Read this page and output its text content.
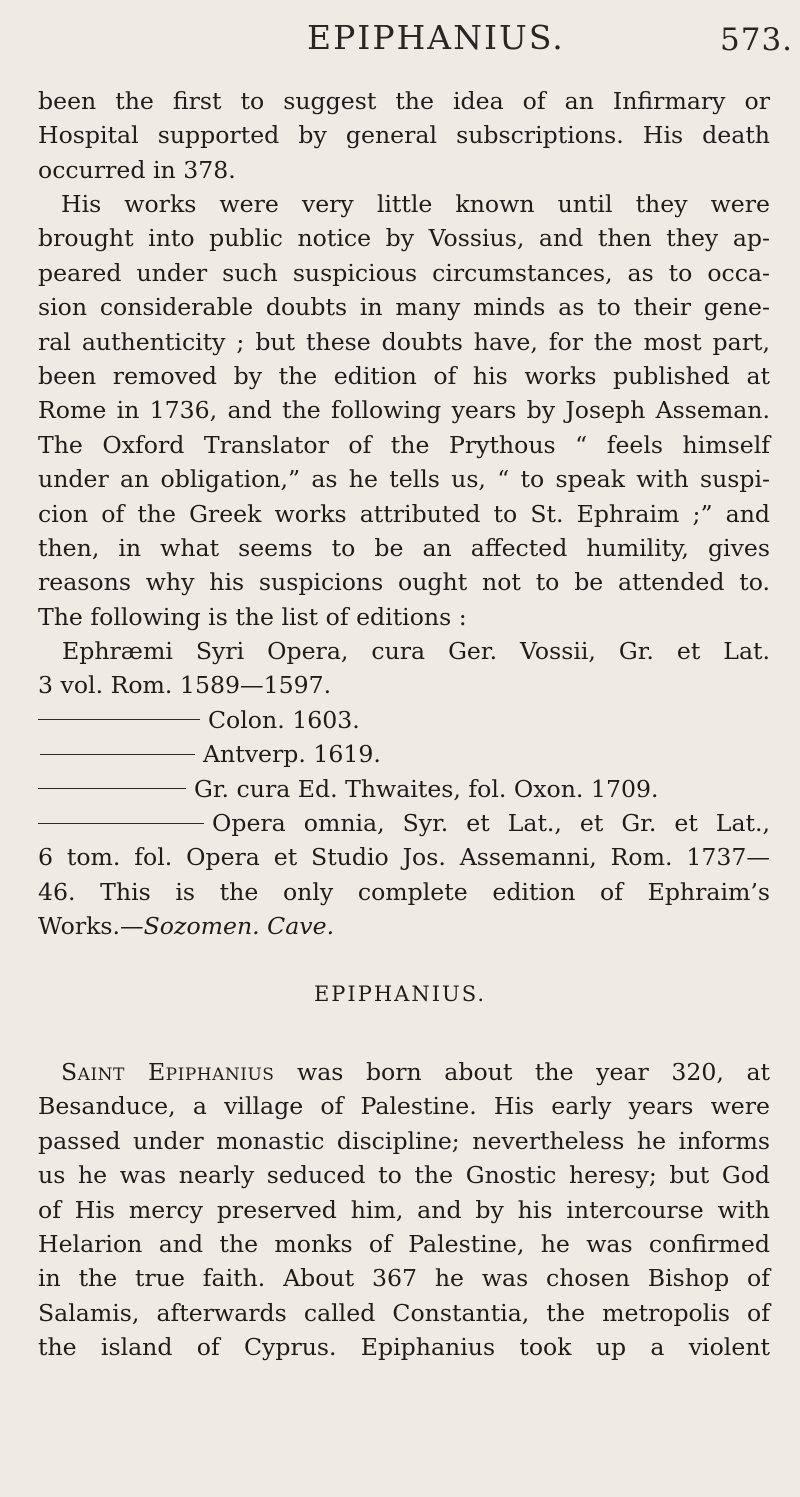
EPIPHANIUS.	573.
been the first to suggest the idea of an Infirmary or
Hospital supported by general subscriptions. His death
occurred in 378.
His works were very little known until they were
brought into public notice by Vossius, and then they ap-
peared under such suspicious circumstances, as to occa-
sion considerable doubts in many minds as to their gene-
ral authenticity ; but these doubts have, for the most part,
been removed by the edition of his works published at
Rome in 1736, and the following years by Joseph Asseman.
The Oxford Translator of the Prythous “ feels himself
under an obligation,” as he tells us, “ to speak with suspi-
cion of the Greek works attributed to St. Ephraim ;” and
then, in what seems to be an affected humility, gives
reasons why his suspicions ought not to be attended to.
The following is the list of editions :
Ephræmi Syri Opera, cura Ger. Vossii, Gr. et Lat.
3 vol. Rom. 1589—1597.
Colon. 1603.
Antverp. 1619.
Gr. cura Ed. Thwaites, fol. Oxon. 1709.
Opera omnia, Syr. et Lat., et Gr. et Lat.,
6 tom. fol. Opera et Studio Jos. Assemanni, Rom. 1737—
46. This is the only complete edition of Ephraim’s
Works.—Sozomen. Cave.
EPIPHANIUS.
Saint Epiphanius was born about the year 320, at
Besanduce, a village of Palestine. His early years were
passed under monastic discipline; nevertheless he informs
us he was nearly seduced to the Gnostic heresy; but God
of His mercy preserved him, and by his intercourse with
Helarion and the monks of Palestine, he was confirmed
in the true faith. About 367 he was chosen Bishop of
Salamis, afterwards called Constantia, the metropolis of
the island of Cyprus. Epiphanius took up a violent
